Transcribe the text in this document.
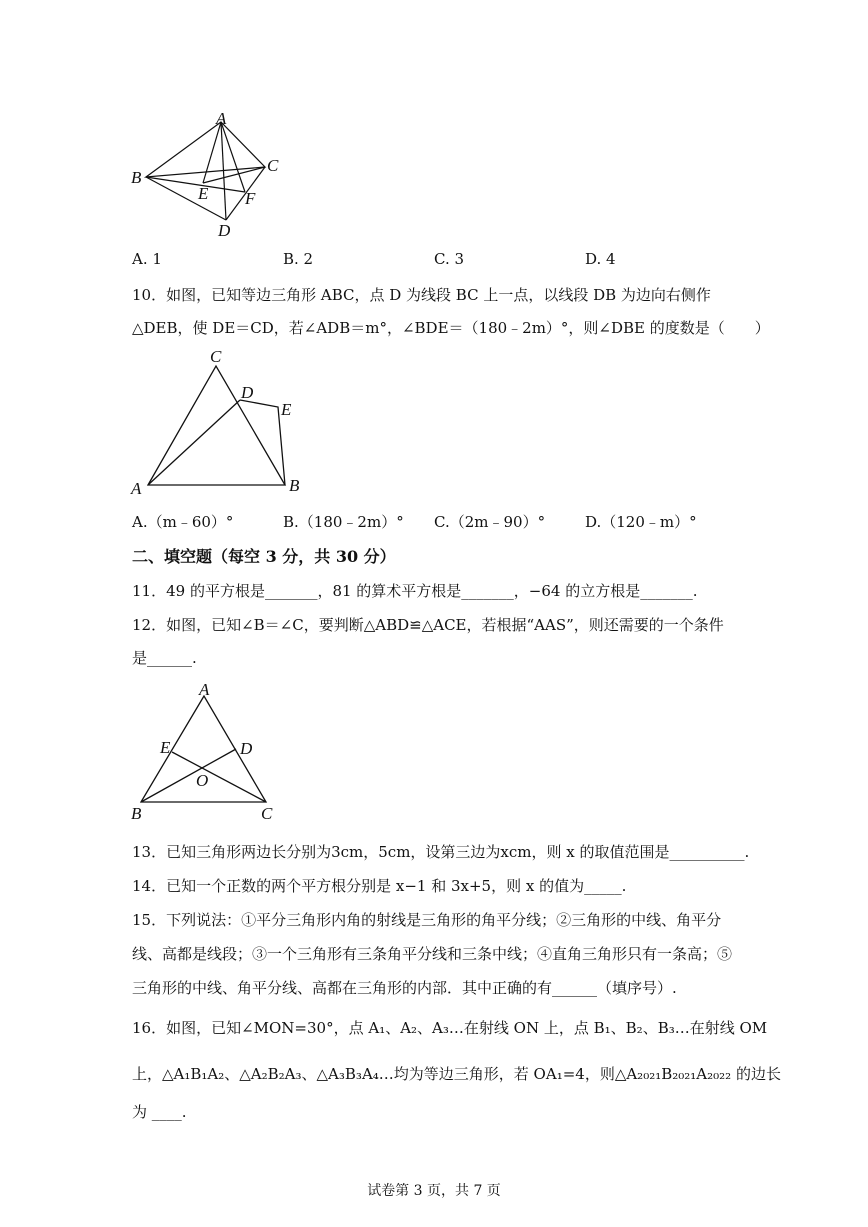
A
B
C
D
E F
A. 1	B. 2	C. 3	D. 4
10．如图，已知等边三角形 ABC，点 D 为线段 BC 上一点，以线段 DB 为边向右侧作
△DEB，使 DE＝CD，若∠ADB＝m°，∠BDE＝（180﹣2m）°，则∠DBE 的度数是（　　）
C
D
E
A	B
A.（m﹣60）°	B.（180﹣2m）° C.（2m﹣90）°	D.（120﹣m）°
二、填空题（每空 3 分，共 30 分）
11．49 的平方根是_______，81 的算术平方根是_______，−64 的立方根是_______.
12．如图，已知∠B＝∠C，要判断△ABD≌△ACE，若根据“AAS”，则还需要的一个条件
是______.
A
E	D
O
B	C
13．已知三角形两边长分别为3cm，5cm，设第三边为xcm，则 x 的取值范围是__________.
14．已知一个正数的两个平方根分别是 x−1 和 3x+5，则 x 的值为_____.
15．下列说法：①平分三角形内角的射线是三角形的角平分线；②三角形的中线、角平分
线、高都是线段；③一个三角形有三条角平分线和三条中线；④直角三角形只有一条高；⑤
三角形的中线、角平分线、高都在三角形的内部．其中正确的有______（填序号）.
16．如图，已知∠MON=30°，点 A₁、A₂、A₃…在射线 ON 上，点 B₁、B₂、B₃…在射线 OM
上，△A₁B₁A₂、△A₂B₂A₃、△A₃B₃A₄…均为等边三角形，若 OA₁=4，则△A₂₀₂₁B₂₀₂₁A₂₀₂₂ 的边长
为 ____.
试卷第 3 页，共 7 页
